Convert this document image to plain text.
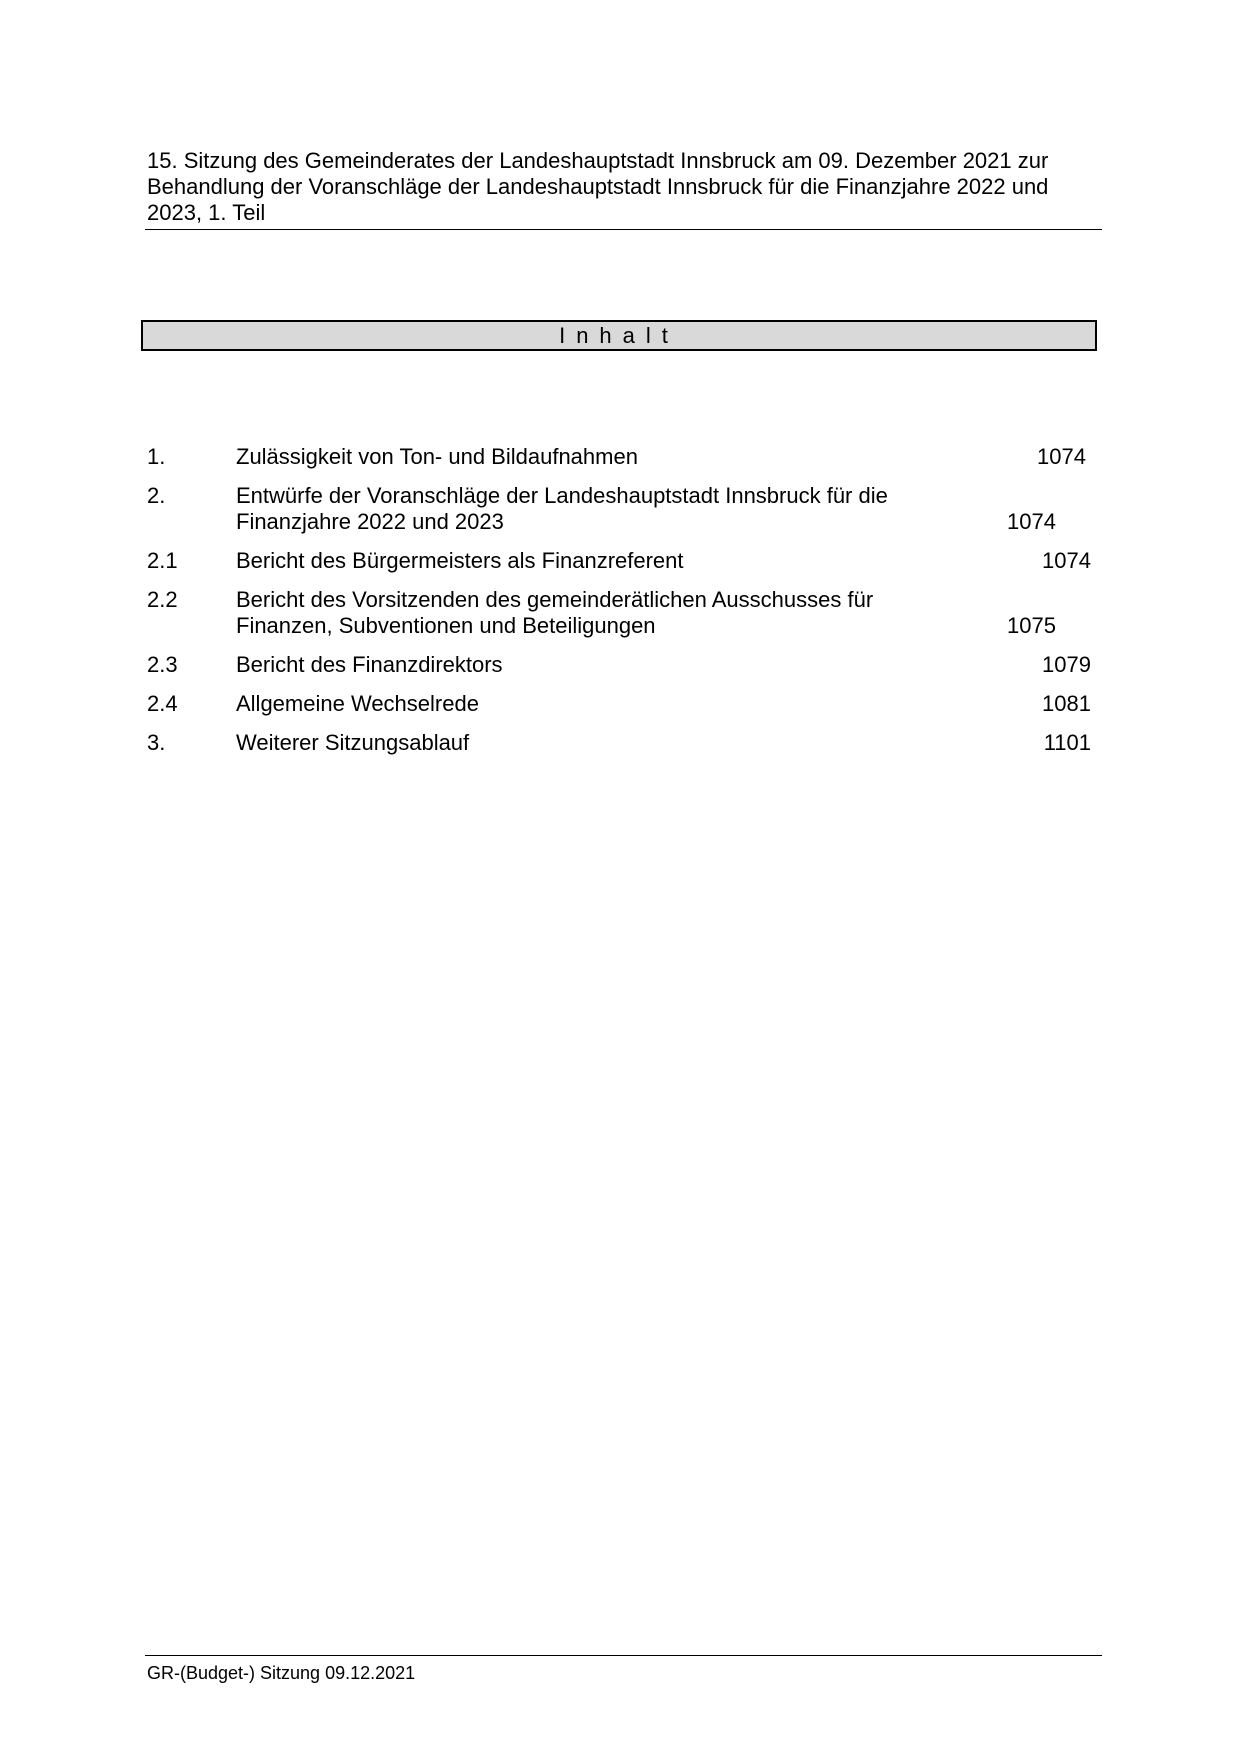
15. Sitzung des Gemeinderates der Landeshauptstadt Innsbruck am 09. Dezember 2021 zur Behandlung der Voranschläge der Landeshauptstadt Innsbruck für die Finanzjahre 2022 und 2023, 1. Teil
Inhalt
1.	Zulässigkeit von Ton- und Bildaufnahmen	1074
2.	Entwürfe der Voranschläge der Landeshauptstadt Innsbruck für die Finanzjahre 2022 und 2023	1074
2.1	Bericht des Bürgermeisters als Finanzreferent	1074
2.2	Bericht des Vorsitzenden des gemeinderätlichen Ausschusses für Finanzen, Subventionen und Beteiligungen	1075
2.3	Bericht des Finanzdirektors	1079
2.4	Allgemeine Wechselrede	1081
3.	Weiterer Sitzungsablauf	1101
GR-(Budget-) Sitzung 09.12.2021
